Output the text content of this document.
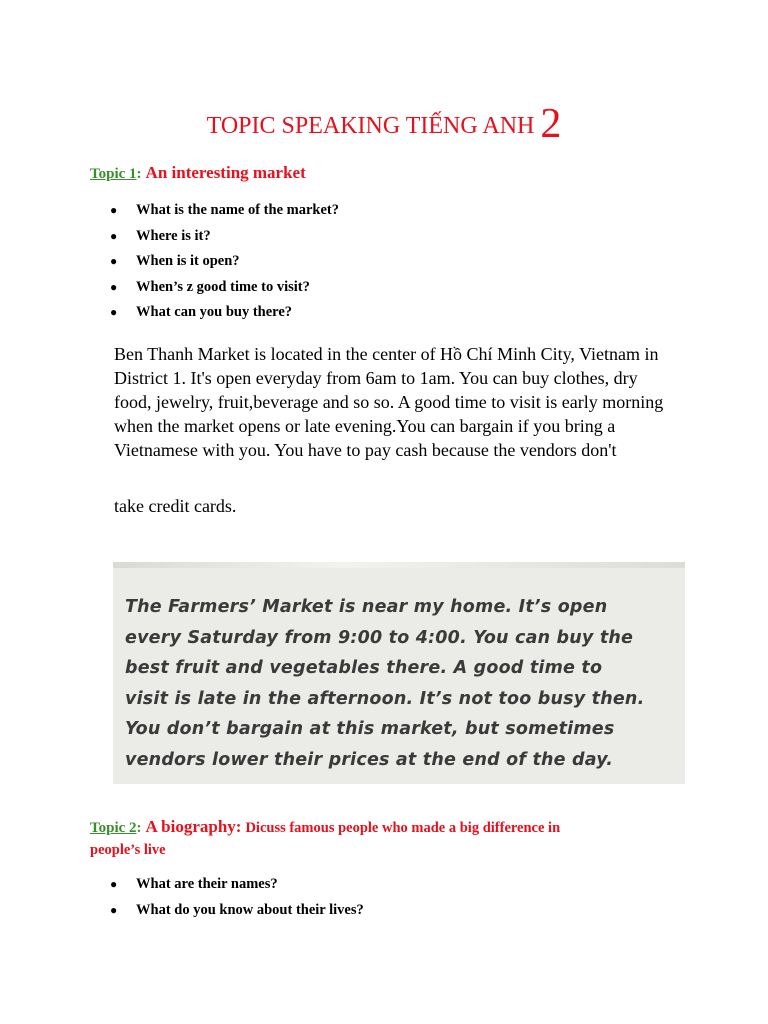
TOPIC SPEAKING TIẾNG ANH 2

Topic 1: An interesting market

● What is the name of the market?
● Where is it?
● When is it open?
● When’s z good time to visit?
● What can you buy there?

Ben Thanh Market is located in the center of Hồ Chí Minh City, Vietnam in District 1. It's open everyday from 6am to 1am. You can buy clothes, dry food, jewelry, fruit,beverage and so so. A good time to visit is early morning when the market opens or late evening.You can bargain if you bring a Vietnamese with you. You have to pay cash because the vendors don't

take credit cards.

The Farmers’ Market is near my home. It’s open
every Saturday from 9:00 to 4:00. You can buy the
best fruit and vegetables there. A good time to
visit is late in the afternoon. It’s not too busy then.
You don’t bargain at this market, but sometimes
vendors lower their prices at the end of the day.
Topic 2: A biography: Dicuss famous people who made a big difference in
people’s live
● What are their names?
● What do you know about their lives?
